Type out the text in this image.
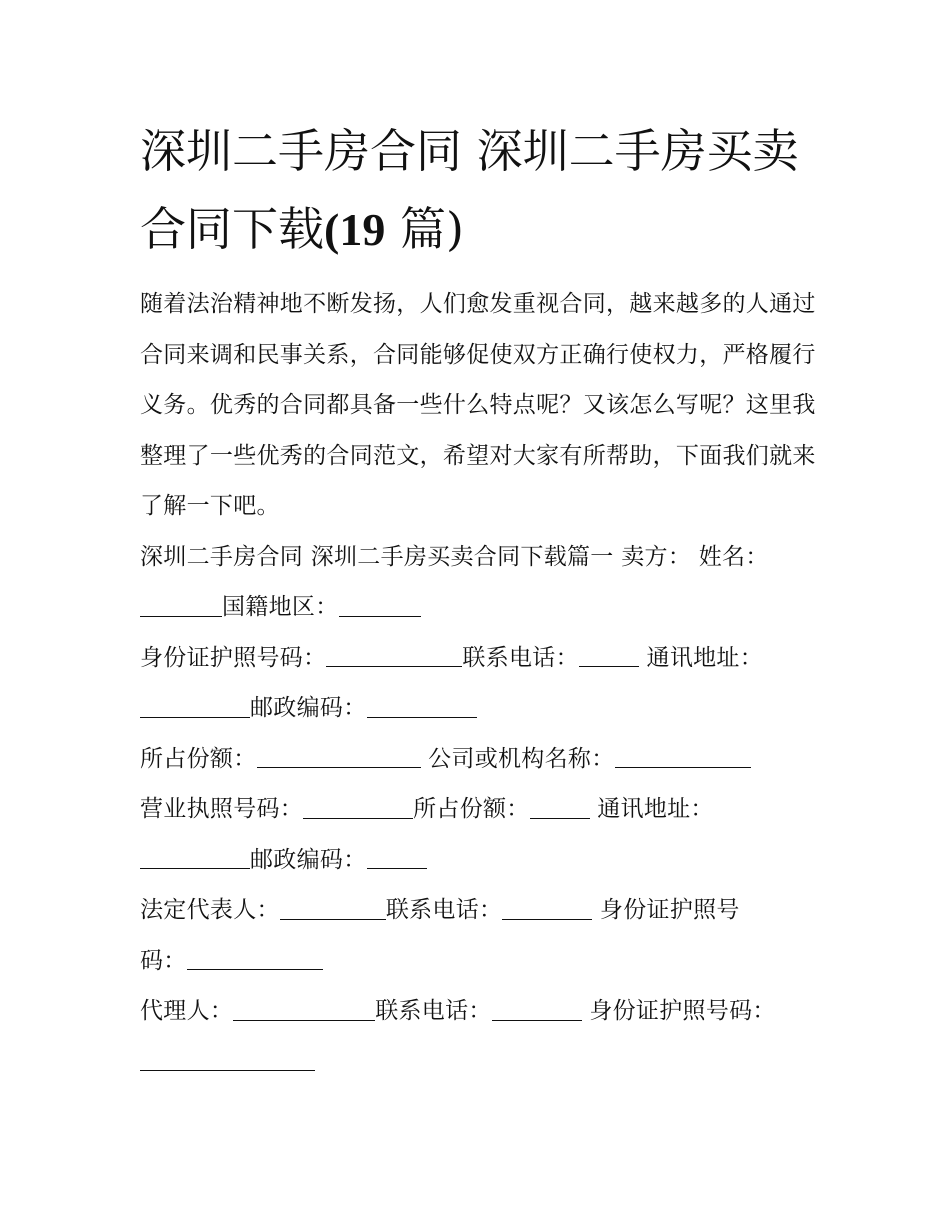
深圳二手房合同 深圳二手房买卖合同下载(19 篇)

随着法治精神地不断发扬，人们愈发重视合同，越来越多的人通过合同来调和民事关系，合同能够促使双方正确行使权力，严格履行义务。优秀的合同都具备一些什么特点呢？又该怎么写呢？这里我整理了一些优秀的合同范文，希望对大家有所帮助，下面我们就来了解一下吧。

深圳二手房合同 深圳二手房买卖合同下载篇一 卖方： 姓名：
国籍地区：

身份证护照号码：	联系电话：	通讯地址：
邮政编码：

所占份额：	公司或机构名称：

营业执照号码：	所占份额：	通讯地址：
邮政编码：

法定代表人：	联系电话：	身份证护照号
码：

代理人：	联系电话：	身份证护照号码：
